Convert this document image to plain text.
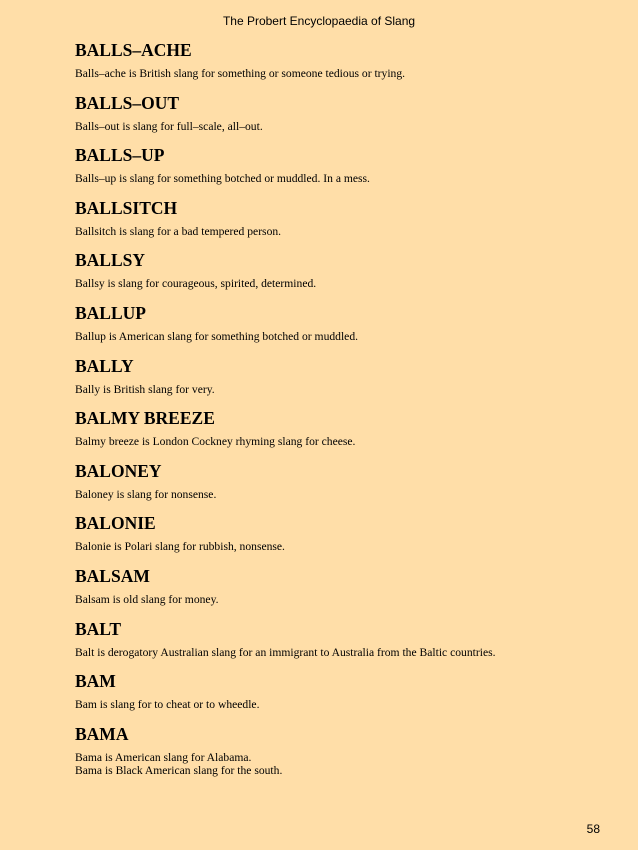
The Probert Encyclopaedia of Slang
BALLS–ACHE
Balls–ache is British slang for something or someone tedious or trying.
BALLS–OUT
Balls–out is slang for full–scale, all–out.
BALLS–UP
Balls–up is slang for something botched or muddled. In a mess.
BALLSITCH
Ballsitch is slang for a bad tempered person.
BALLSY
Ballsy is slang for courageous, spirited, determined.
BALLUP
Ballup is American slang for something botched or muddled.
BALLY
Bally is British slang for very.
BALMY BREEZE
Balmy breeze is London Cockney rhyming slang for cheese.
BALONEY
Baloney is slang for nonsense.
BALONIE
Balonie is Polari slang for rubbish, nonsense.
BALSAM
Balsam is old slang for money.
BALT
Balt is derogatory Australian slang for an immigrant to Australia from the Baltic countries.
BAM
Bam is slang for to cheat or to wheedle.
BAMA
Bama is American slang for Alabama.
Bama is Black American slang for the south.
58
